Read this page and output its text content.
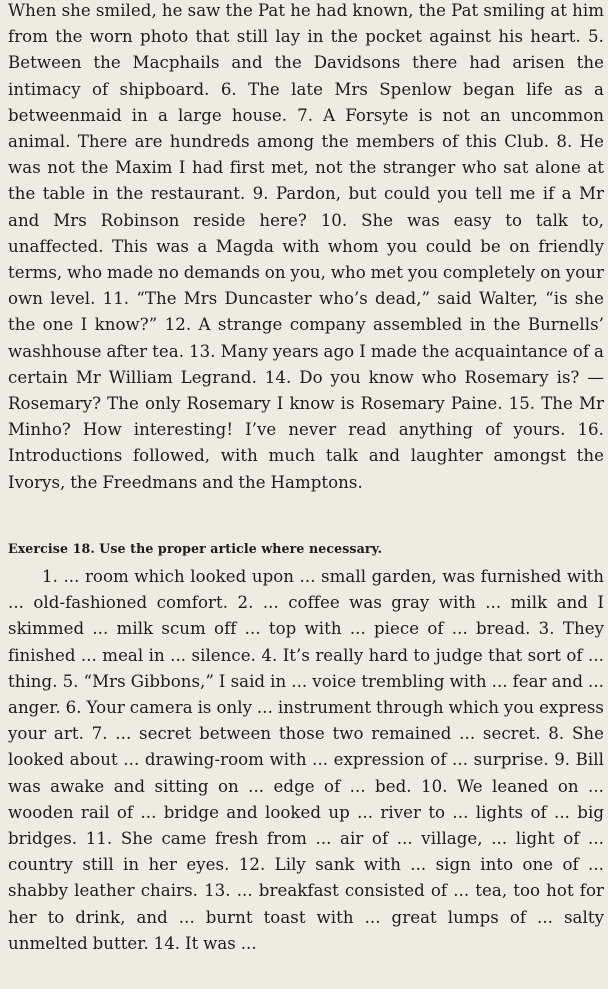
When she smiled, he saw the Pat he had known, the Pat smiling at him from the worn photo that still lay in the pocket against his heart. 5. Between the Macphails and the Davidsons there had arisen the intimacy of shipboard. 6. The late Mrs Spenlow began life as a betweenmaid in a large house. 7. A Forsyte is not an uncommon animal. There are hundreds among the members of this Club. 8. He was not the Maxim I had first met, not the stranger who sat alone at the table in the restaurant. 9. Pardon, but could you tell me if a Mr and Mrs Robinson reside here? 10. She was easy to talk to, unaffected. This was a Magda with whom you could be on friendly terms, who made no demands on you, who met you completely on your own level. 11. “The Mrs Duncaster who’s dead,” said Walter, “is she the one I know?” 12. A strange company assembled in the Burnells’ washhouse after tea. 13. Many years ago I made the acquaintance of a certain Mr William Legrand. 14. Do you know who Rosemary is? — Rosemary? The only Rosemary I know is Rosemary Paine. 15. The Mr Minho? How interesting! I’ve never read anything of yours. 16. Introductions followed, with much talk and laughter amongst the Ivorys, the Freedmans and the Hamptons.

Exercise 18. Use the proper article where necessary.

1. ... room which looked upon ... small garden, was furnished with ... old-fashioned comfort. 2. ... coffee was gray with ... milk and I skimmed ... milk scum off ... top with ... piece of ... bread. 3. They finished ... meal in ... silence. 4. It’s really hard to judge that sort of ... thing. 5. “Mrs Gibbons,” I said in ... voice trembling with ... fear and ... anger. 6. Your camera is only ... instrument through which you express your art. 7. ... secret between those two remained ... secret. 8. She looked about ... drawing-room with ... expression of ... surprise. 9. Bill was awake and sitting on ... edge of ... bed. 10. We leaned on ... wooden rail of ... bridge and looked up ... river to ... lights of ... big bridges. 11. She came fresh from ... air of ... village, ... light of ... country still in her eyes. 12. Lily sank with ... sign into one of ... shabby leather chairs. 13. ... breakfast consisted of ... tea, too hot for her to drink, and ... burnt toast with ... great lumps of ... salty unmelted butter. 14. It was ...
